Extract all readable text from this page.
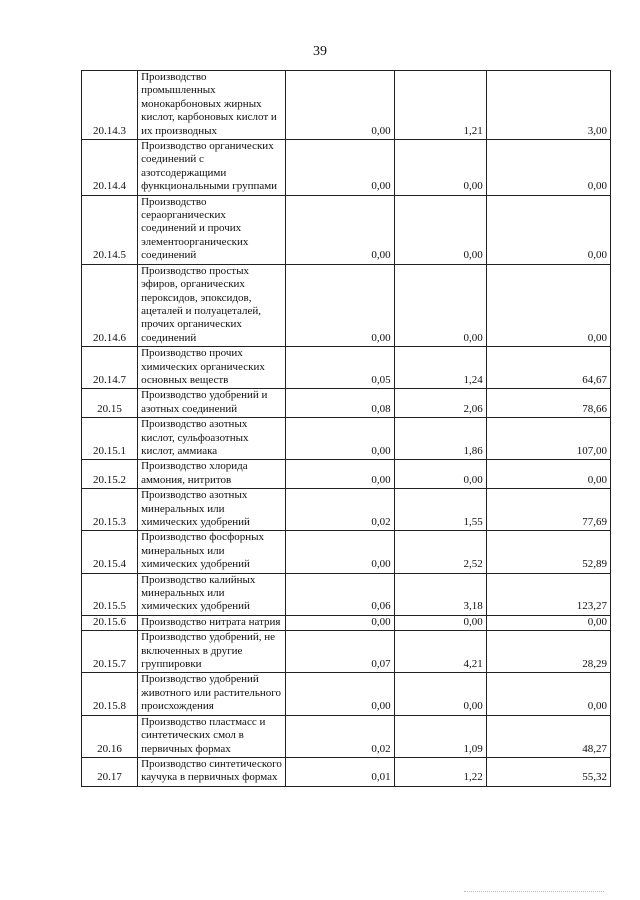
39
20.14.3	Производство промышленных монокарбоновых жирных кислот, карбоновых кислот и их производных	0,00	1,21	3,00
20.14.4	Производство органических соединений с азотсодержащими функциональными группами	0,00	0,00	0,00
20.14.5	Производство сераорганических соединений и прочих элементоорганических соединений	0,00	0,00	0,00
20.14.6	Производство простых эфиров, органических пероксидов, эпоксидов, ацеталей и полуацеталей, прочих органических соединений	0,00	0,00	0,00
20.14.7	Производство прочих химических органических основных веществ	0,05	1,24	64,67
20.15	Производство удобрений и азотных соединений	0,08	2,06	78,66
20.15.1	Производство азотных кислот, сульфоазотных кислот, аммиака	0,00	1,86	107,00
20.15.2	Производство хлорида аммония, нитритов	0,00	0,00	0,00
20.15.3	Производство азотных минеральных или химических удобрений	0,02	1,55	77,69
20.15.4	Производство фосфорных минеральных или химических удобрений	0,00	2,52	52,89
20.15.5	Производство калийных минеральных или химических удобрений	0,06	3,18	123,27
20.15.6	Производство нитрата натрия	0,00	0,00	0,00
20.15.7	Производство удобрений, не включенных в другие группировки	0,07	4,21	28,29
20.15.8	Производство удобрений животного или растительного происхождения	0,00	0,00	0,00
20.16	Производство пластмасс и синтетических смол в первичных формах	0,02	1,09	48,27
20.17	Производство синтетического каучука в первичных формах	0,01	1,22	55,32
